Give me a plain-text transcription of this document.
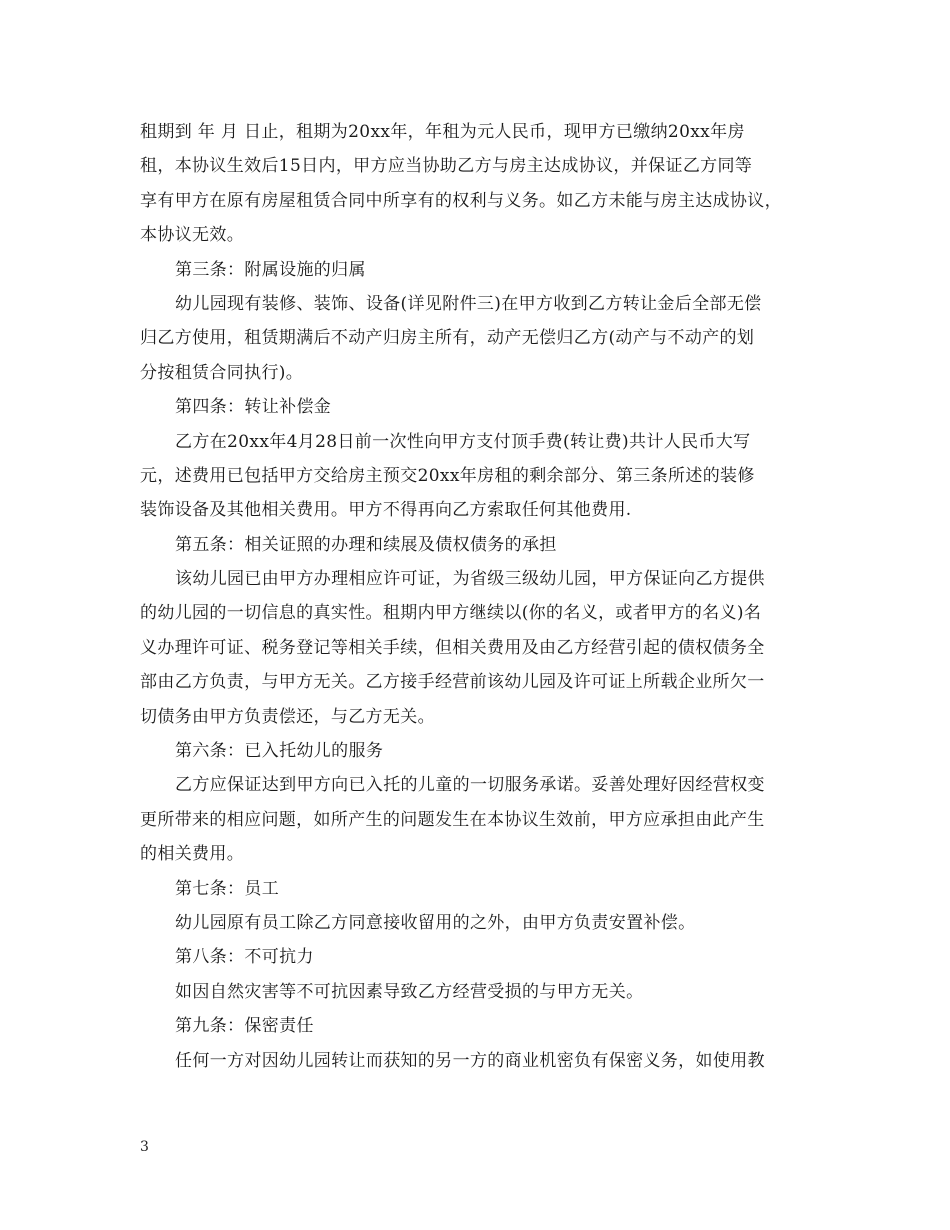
租期到 年 月 日止，租期为20xx年，年租为元人民币，现甲方已缴纳20xx年房
租，本协议生效后15日内，甲方应当协助乙方与房主达成协议，并保证乙方同等
享有甲方在原有房屋租赁合同中所享有的权利与义务。如乙方未能与房主达成协议，
本协议无效。
第三条：附属设施的归属
幼儿园现有装修、装饰、设备(详见附件三)在甲方收到乙方转让金后全部无偿
归乙方使用，租赁期满后不动产归房主所有，动产无偿归乙方(动产与不动产的划
分按租赁合同执行)。
第四条：转让补偿金
乙方在20xx年4月28日前一次性向甲方支付顶手费(转让费)共计人民币大写
元，述费用已包括甲方交给房主预交20xx年房租的剩余部分、第三条所述的装修
装饰设备及其他相关费用。甲方不得再向乙方索取任何其他费用.
第五条：相关证照的办理和续展及债权债务的承担
该幼儿园已由甲方办理相应许可证，为省级三级幼儿园，甲方保证向乙方提供
的幼儿园的一切信息的真实性。租期内甲方继续以(你的名义，或者甲方的名义)名
义办理许可证、税务登记等相关手续，但相关费用及由乙方经营引起的债权债务全
部由乙方负责，与甲方无关。乙方接手经营前该幼儿园及许可证上所载企业所欠一
切债务由甲方负责偿还，与乙方无关。
第六条：已入托幼儿的服务
乙方应保证达到甲方向已入托的儿童的一切服务承诺。妥善处理好因经营权变
更所带来的相应问题，如所产生的问题发生在本协议生效前，甲方应承担由此产生
的相关费用。
第七条：员工
幼儿园原有员工除乙方同意接收留用的之外，由甲方负责安置补偿。
第八条：不可抗力
如因自然灾害等不可抗因素导致乙方经营受损的与甲方无关。
第九条：保密责任
任何一方对因幼儿园转让而获知的另一方的商业机密负有保密义务，如使用教
3
